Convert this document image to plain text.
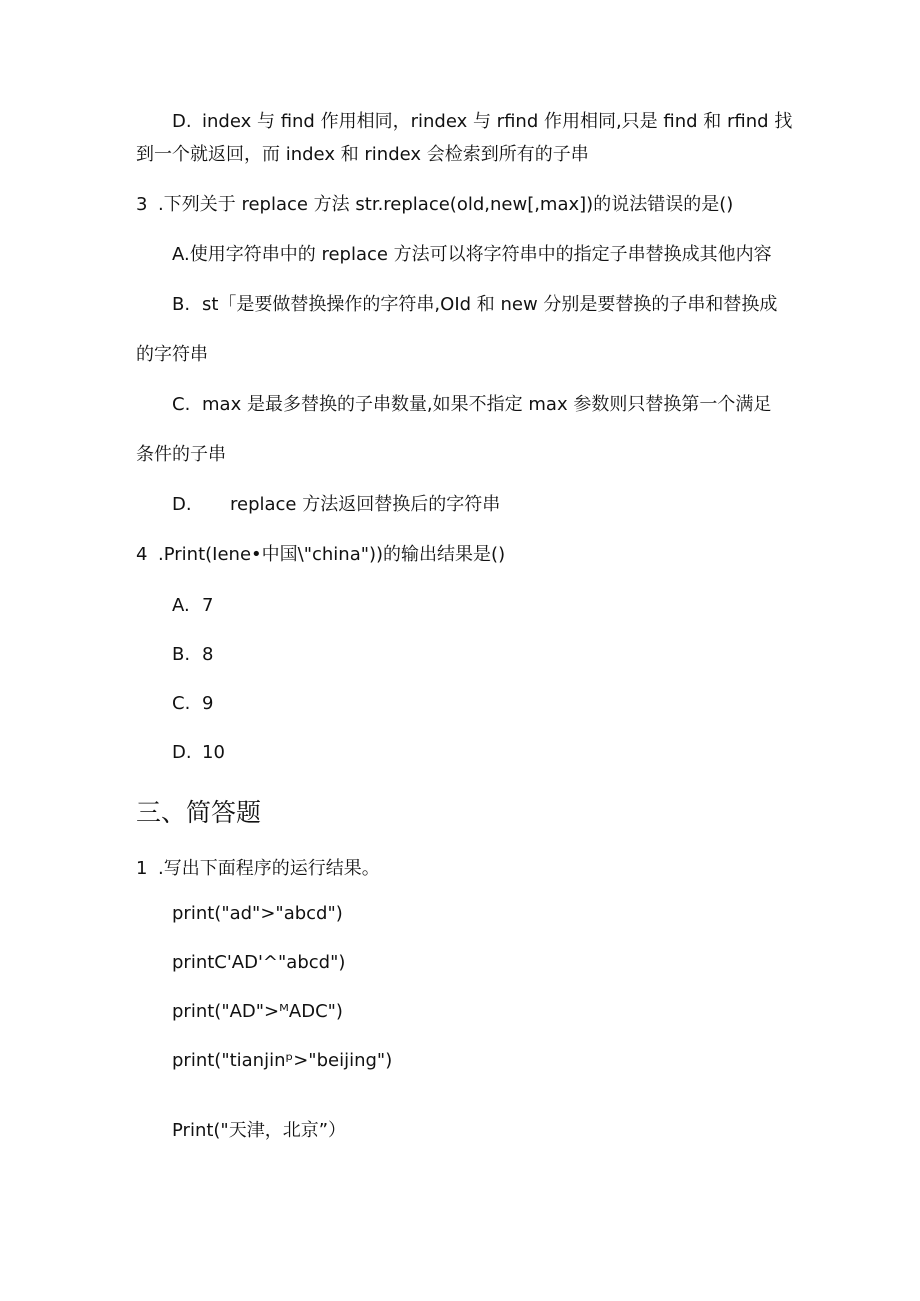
D. index 与 find 作用相同，rindex 与 rfind 作用相同,只是 find 和 rfind 找
到一个就返回，而 index 和 rindex 会检索到所有的子串
3 .下列关于 replace 方法 str.replace(old,new[,max])的说法错误的是()
A.使用字符串中的 replace 方法可以将字符串中的指定子串替换成其他内容
B. st「是要做替换操作的字符串,OId 和 new 分别是要替换的子串和替换成
的字符串
C. max 是最多替换的子串数量,如果不指定 max 参数则只替换第一个满足
条件的子串
D. replace 方法返回替换后的字符串
4 .Print(Iene•中国\"china"))的输出结果是()
A. 7
B. 8
C. 9
D. 10
三、简答题
1 .写出下面程序的运行结果。
print("ad">"abcd")
printC'AD'^"abcd")
print("AD">ᴹADC")
print("tianjinᵖ>"beijing")
Print("天津，北京”）
